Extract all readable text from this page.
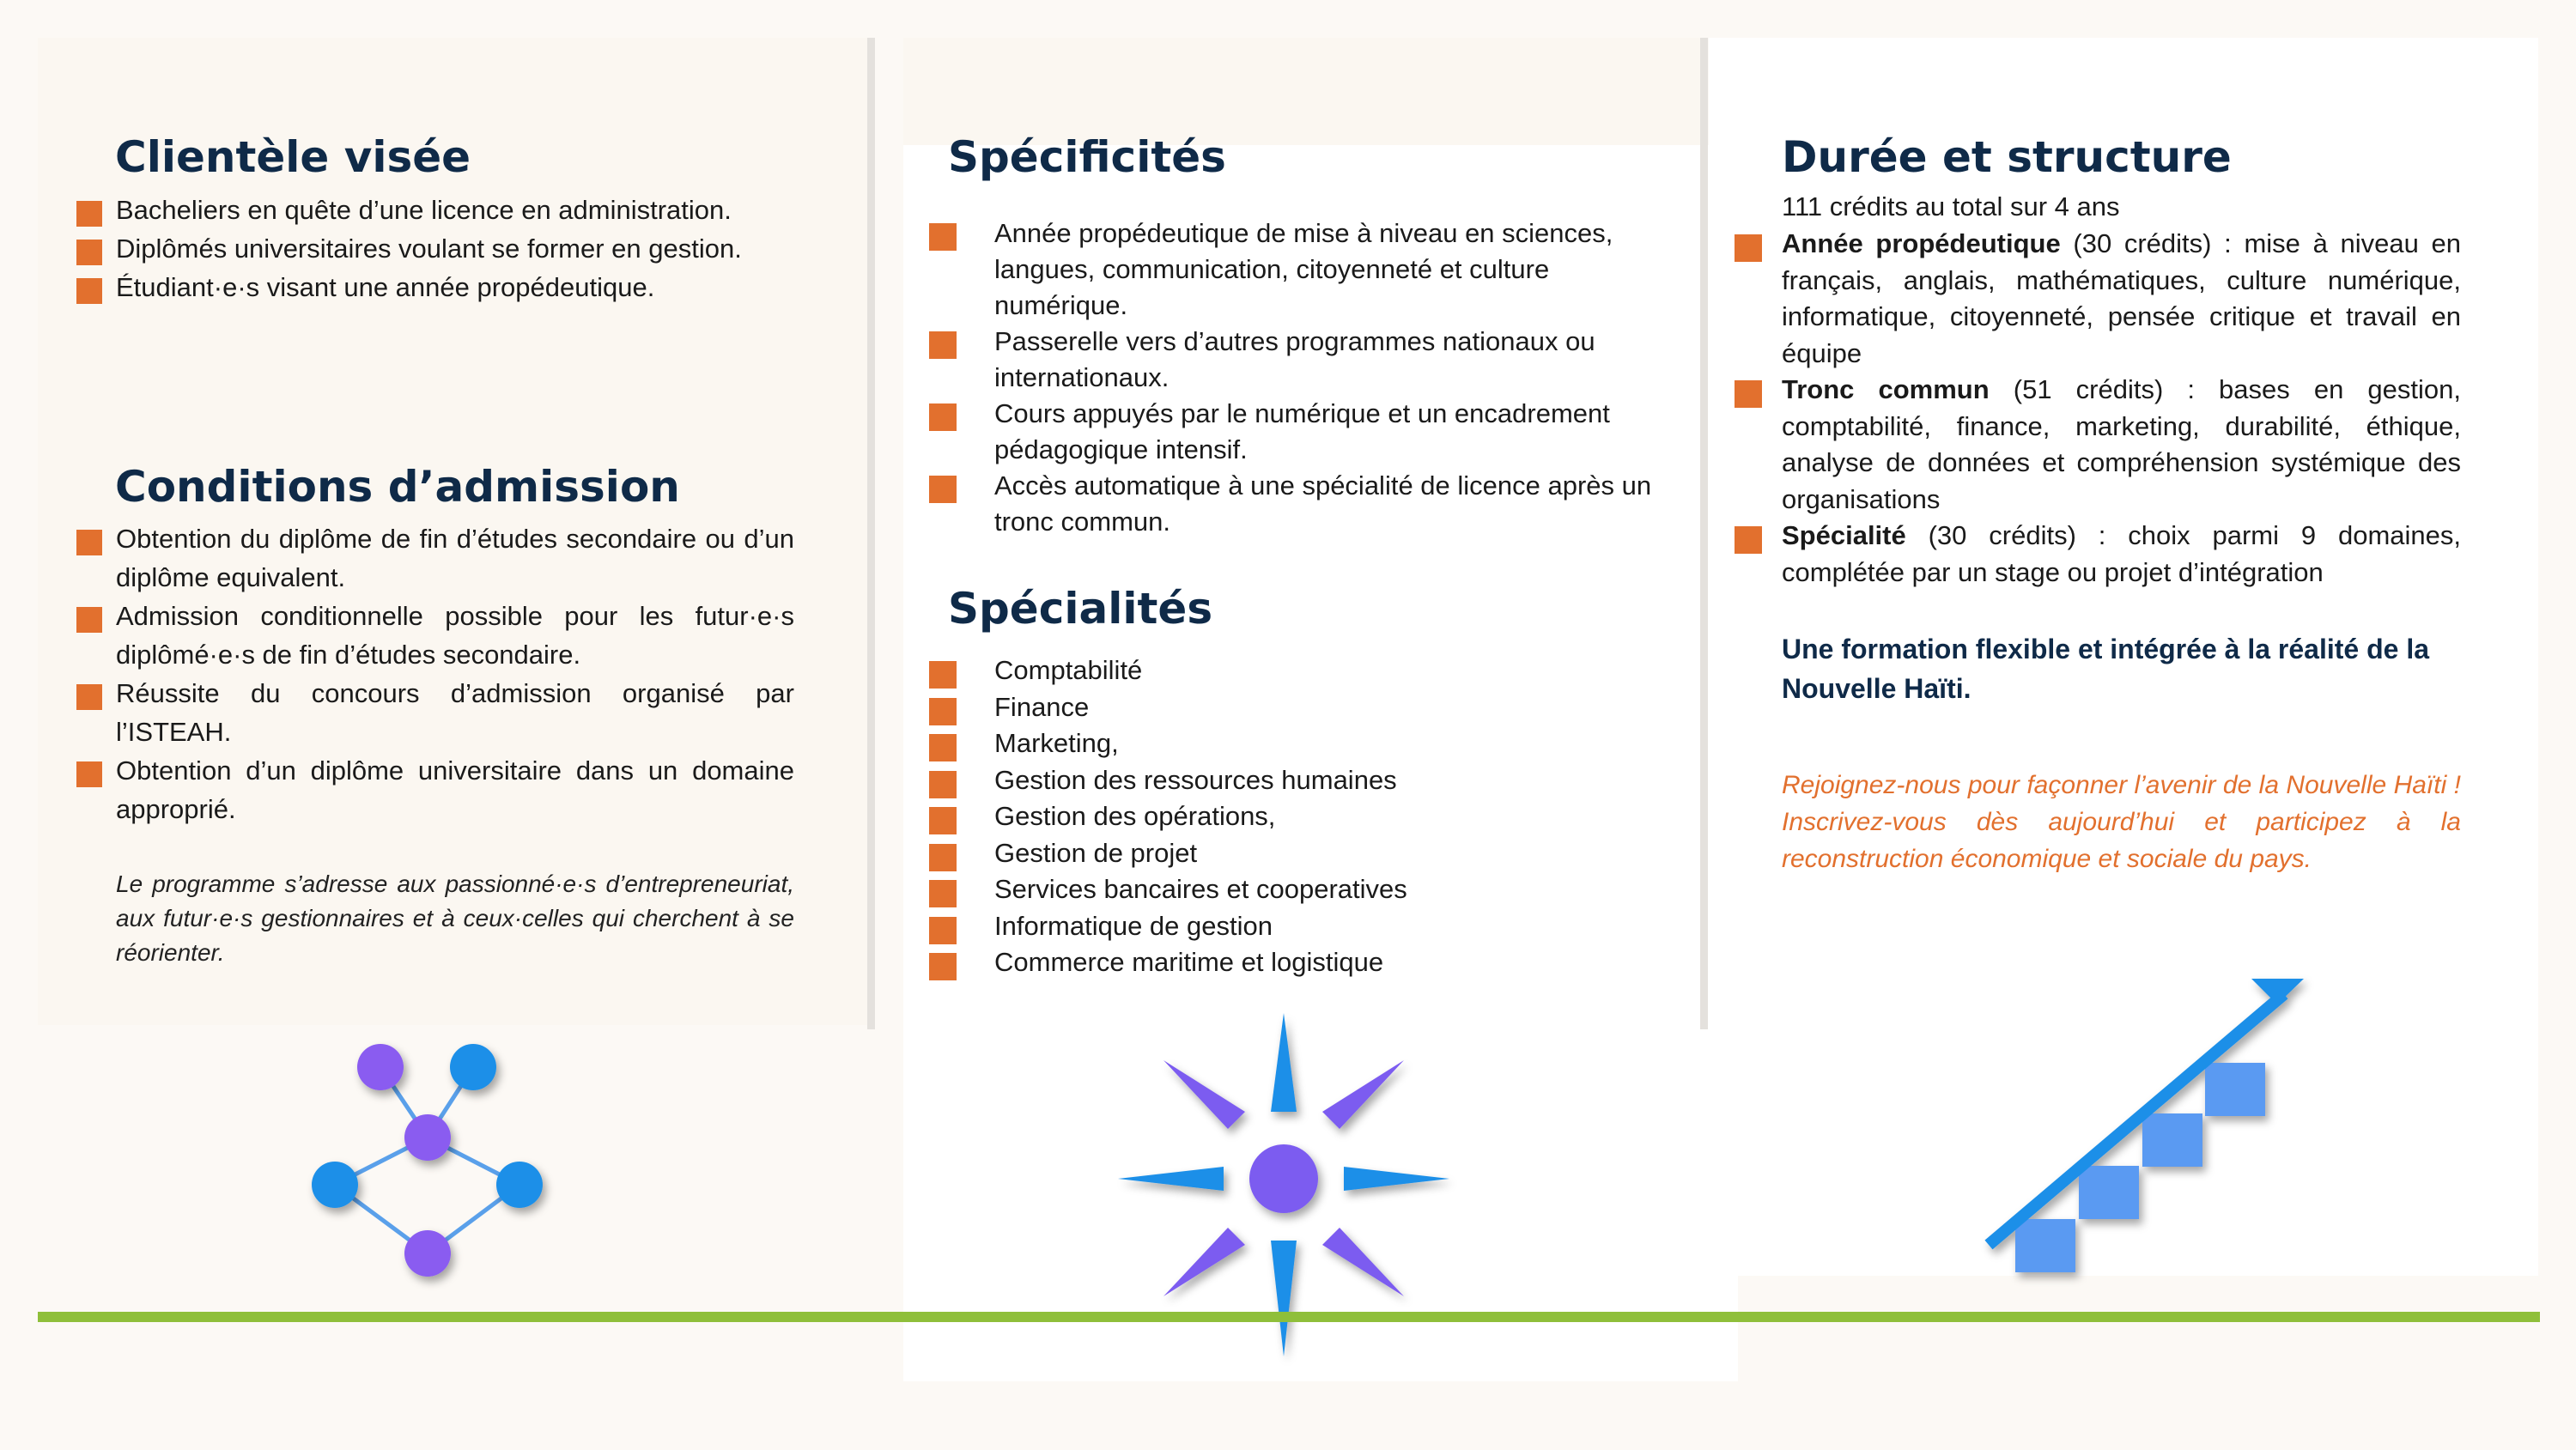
Clientèle visée
Bacheliers en quête d’une licence en administration.
Diplômés universitaires voulant se former en gestion.
Étudiant·e·s visant une année propédeutique.
Conditions d’admission
Obtention du diplôme de fin d’études secondaire ou d’un diplôme equivalent.
Admission conditionnelle possible pour les futur·e·s diplômé·e·s de fin d’études secondaire.
Réussite du concours d’admission organisé par l’ISTEAH.
Obtention d’un diplôme universitaire dans un domaine approprié.

Le programme s’adresse aux passionné·e·s d’entrepreneuriat, aux futur·e·s gestionnaires et à ceux·celles qui cherchent à se réorienter.

Spécificités
Année propédeutique de mise à niveau en sciences, langues, communication, citoyenneté et culture numérique.
Passerelle vers d’autres programmes nationaux ou internationaux.
Cours appuyés par le numérique et un encadrement pédagogique intensif.
Accès automatique à une spécialité de licence après un tronc commun.
Spécialités
Comptabilité
Finance
Marketing,
Gestion des ressources humaines
Gestion des opérations,
Gestion de projet
Services bancaires et cooperatives
Informatique de gestion
Commerce maritime et logistique
Durée et structure

111 crédits au total sur 4 ans

Année propédeutique (30 crédits) : mise à niveau en français, anglais, mathématiques, culture numérique, informatique, citoyenneté, pensée critique et travail en équipe
Tronc commun (51 crédits) : bases en gestion, comptabilité, finance, marketing, durabilité, éthique, analyse de données et compréhension systémique des organisations
Spécialité (30 crédits) : choix parmi 9 domaines, complétée par un stage ou projet d’intégration

Une formation flexible et intégrée à la réalité de la Nouvelle Haïti.

Rejoignez-nous pour façonner l’avenir de la Nouvelle Haïti ! Inscrivez-vous dès aujourd’hui et participez à la reconstruction économique et sociale du pays.
